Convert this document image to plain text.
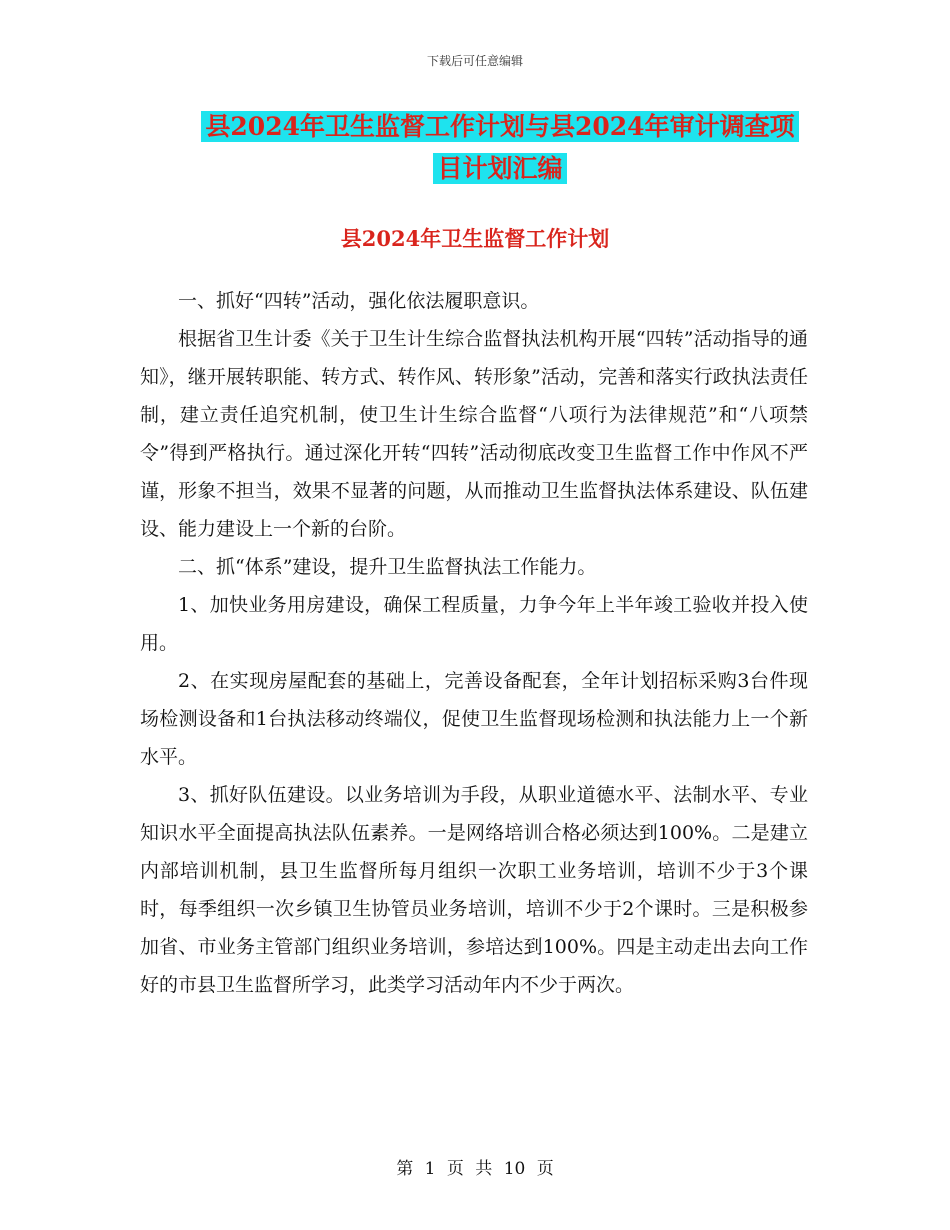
下载后可任意编辑
县2024年卫生监督工作计划与县2024年审计调查项
目计划汇编
县2024年卫生监督工作计划

一、抓好“四转”活动，强化依法履职意识。

根据省卫生计委《关于卫生计生综合监督执法机构开展“四转”活动指导的通知》，继开展转职能、转方式、转作风、转形象”活动，完善和落实行政执法责任制，建立责任追究机制，使卫生计生综合监督“八项行为法律规范”和“八项禁令”得到严格执行。通过深化开转“四转”活动彻底改变卫生监督工作中作风不严谨，形象不担当，效果不显著的问题，从而推动卫生监督执法体系建设、队伍建设、能力建设上一个新的台阶。

二、抓“体系”建设，提升卫生监督执法工作能力。

1、加快业务用房建设，确保工程质量，力争今年上半年竣工验收并投入使用。

2、在实现房屋配套的基础上，完善设备配套，全年计划招标采购3台件现场检测设备和1台执法移动终端仪，促使卫生监督现场检测和执法能力上一个新水平。

3、抓好队伍建设。以业务培训为手段，从职业道德水平、法制水平、专业知识水平全面提高执法队伍素养。一是网络培训合格必须达到100%。二是建立内部培训机制，县卫生监督所每月组织一次职工业务培训，培训不少于3个课时，每季组织一次乡镇卫生协管员业务培训，培训不少于2个课时。三是积极参加省、市业务主管部门组织业务培训，参培达到100%。四是主动走出去向工作好的市县卫生监督所学习，此类学习活动年内不少于两次。

第 1 页 共 10 页
